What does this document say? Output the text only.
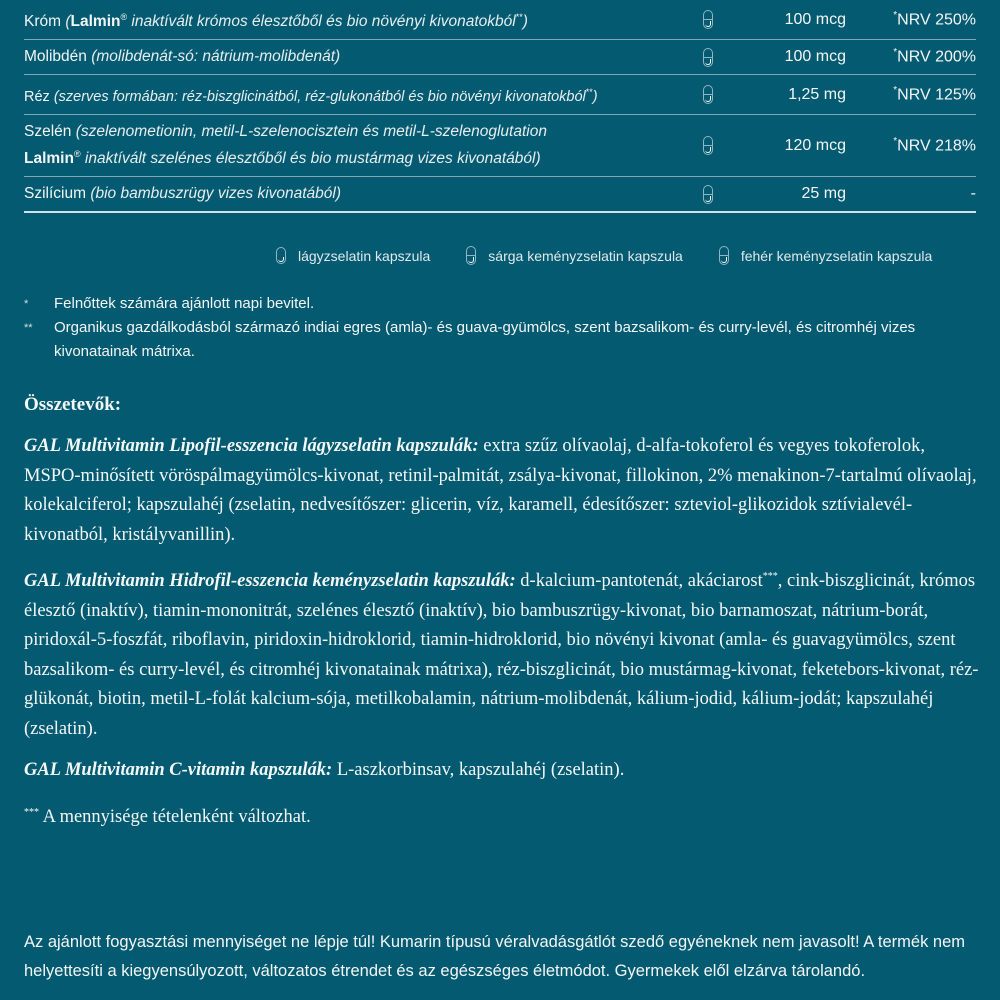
Króm (Lalmin® inaktívált krómos élesztőből és bio növényi kivonatokból**)	100 mcg	*NRV 250%
Molibdén (molibdenát-só: nátrium-molibdenát)	100 mcg	*NRV 200%
Réz (szerves formában: réz-biszglicinátból, réz-glukonátból és bio növényi kivonatokból**)	1,25 mg	*NRV 125%
Szelén (szelenometionin, metil-L-szelenocisztein és metil-L-szelenoglutation
Lalmin® inaktívált szelénes élesztőből és bio mustármag vizes kivonatából)
120 mcg	*NRV 218%
Szilícium (bio bambuszrügy vizes kivonatából)	25 mg	-
lágyzselatin kapszula	sárga keményzselatin kapszula	fehér keményzselatin kapszula
*	Felnőttek számára ajánlott napi bevitel.
**	Organikus gazdálkodásból származó indiai egres (amla)- és guava-gyümölcs, szent bazsalikom- és curry-levél, és citromhéj vizes kivonatainak mátrixa.
Összetevők:

GAL Multivitamin Lipofil-esszencia lágyzselatin kapszulák: extra szűz olívaolaj, d-alfa-tokoferol és vegyes tokoferolok, MSPO-minősített vöröspálmagyümölcs-kivonat, retinil-palmitát, zsálya-kivonat, fillokinon, 2% menakinon-7-tartalmú olívaolaj, kolekalciferol; kapszulahéj (zselatin, nedvesítőszer: glicerin, víz, karamell, édesítőszer: szteviol-glikozidok sztívialevél-kivonatból, kristályvanillin).

GAL Multivitamin Hidrofil-esszencia keményzselatin kapszulák: d-kalcium-pantotenát, akáciarost***, cink-biszglicinát, krómos élesztő (inaktív), tiamin-mononitrát, szelénes élesztő (inaktív), bio bambuszrügy-kivonat, bio barnamoszat, nátrium-borát, piridoxál-5-foszfát, riboflavin, piridoxin-hidroklorid, tiamin-hidroklorid, bio növényi kivonat (amla- és guavagyümölcs, szent bazsalikom- és curry-levél, és citromhéj kivonatainak mátrixa), réz-biszglicinát, bio mustármag-kivonat, feketebors-kivonat, réz-glükonát, biotin, metil-L-folát kalcium-sója, metilkobalamin, nátrium-molibdenát, kálium-jodid, kálium-jodát; kapszulahéj (zselatin).

GAL Multivitamin C-vitamin kapszulák: L-aszkorbinsav, kapszulahéj (zselatin).

*** A mennyisége tételenként változhat.

Az ajánlott fogyasztási mennyiséget ne lépje túl! Kumarin típusú véralvadásgátlót szedő egyéneknek nem javasolt! A termék nem helyettesíti a kiegyensúlyozott, változatos étrendet és az egészséges életmódot. Gyermekek elől elzárva tárolandó.
